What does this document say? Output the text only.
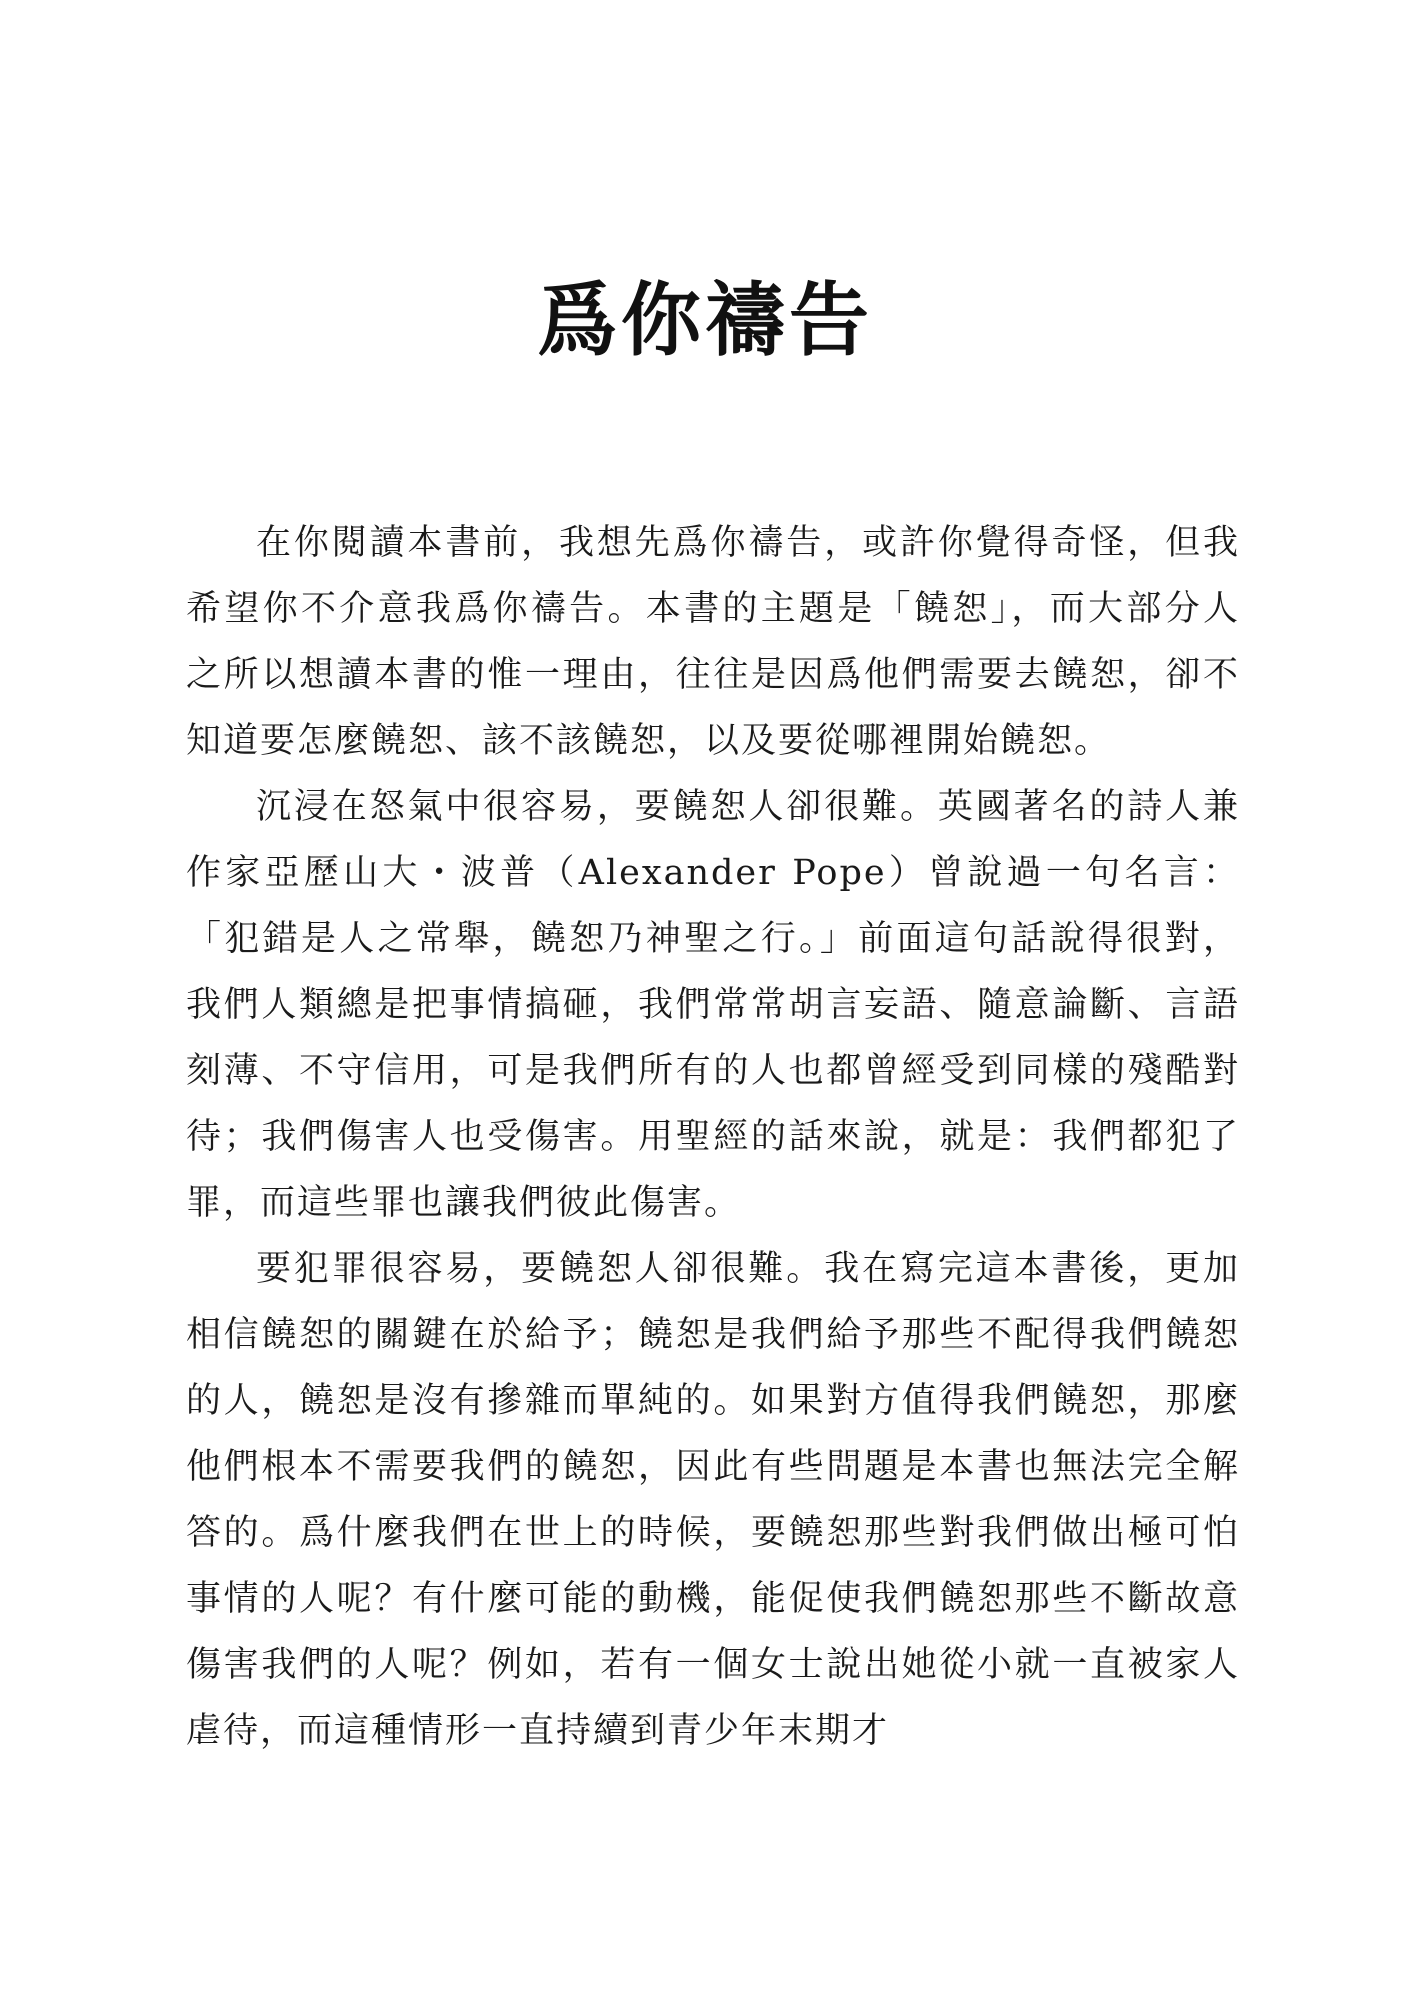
爲你禱告

在你閱讀本書前，我想先爲你禱告，或許你覺得奇怪，但我希望你不介意我爲你禱告。本書的主題是「饒恕」，而大部分人之所以想讀本書的惟一理由，往往是因爲他們需要去饒恕，卻不知道要怎麼饒恕、該不該饒恕，以及要從哪裡開始饒恕。

沉浸在怒氣中很容易，要饒恕人卻很難。英國著名的詩人兼作家亞歷山大・波普（Alexander Pope）曾說過一句名言：「犯錯是人之常舉，饒恕乃神聖之行。」前面這句話說得很對，我們人類總是把事情搞砸，我們常常胡言妄語、隨意論斷、言語刻薄、不守信用，可是我們所有的人也都曾經受到同樣的殘酷對待；我們傷害人也受傷害。用聖經的話來說，就是：我們都犯了罪，而這些罪也讓我們彼此傷害。

要犯罪很容易，要饒恕人卻很難。我在寫完這本書後，更加相信饒恕的關鍵在於給予；饒恕是我們給予那些不配得我們饒恕的人，饒恕是沒有摻雜而單純的。如果對方值得我們饒恕，那麼他們根本不需要我們的饒恕，因此有些問題是本書也無法完全解答的。爲什麼我們在世上的時候，要饒恕那些對我們做出極可怕事情的人呢？有什麼可能的動機，能促使我們饒恕那些不斷故意傷害我們的人呢？例如，若有一個女士說出她從小就一直被家人虐待，而這種情形一直持續到青少年末期才
